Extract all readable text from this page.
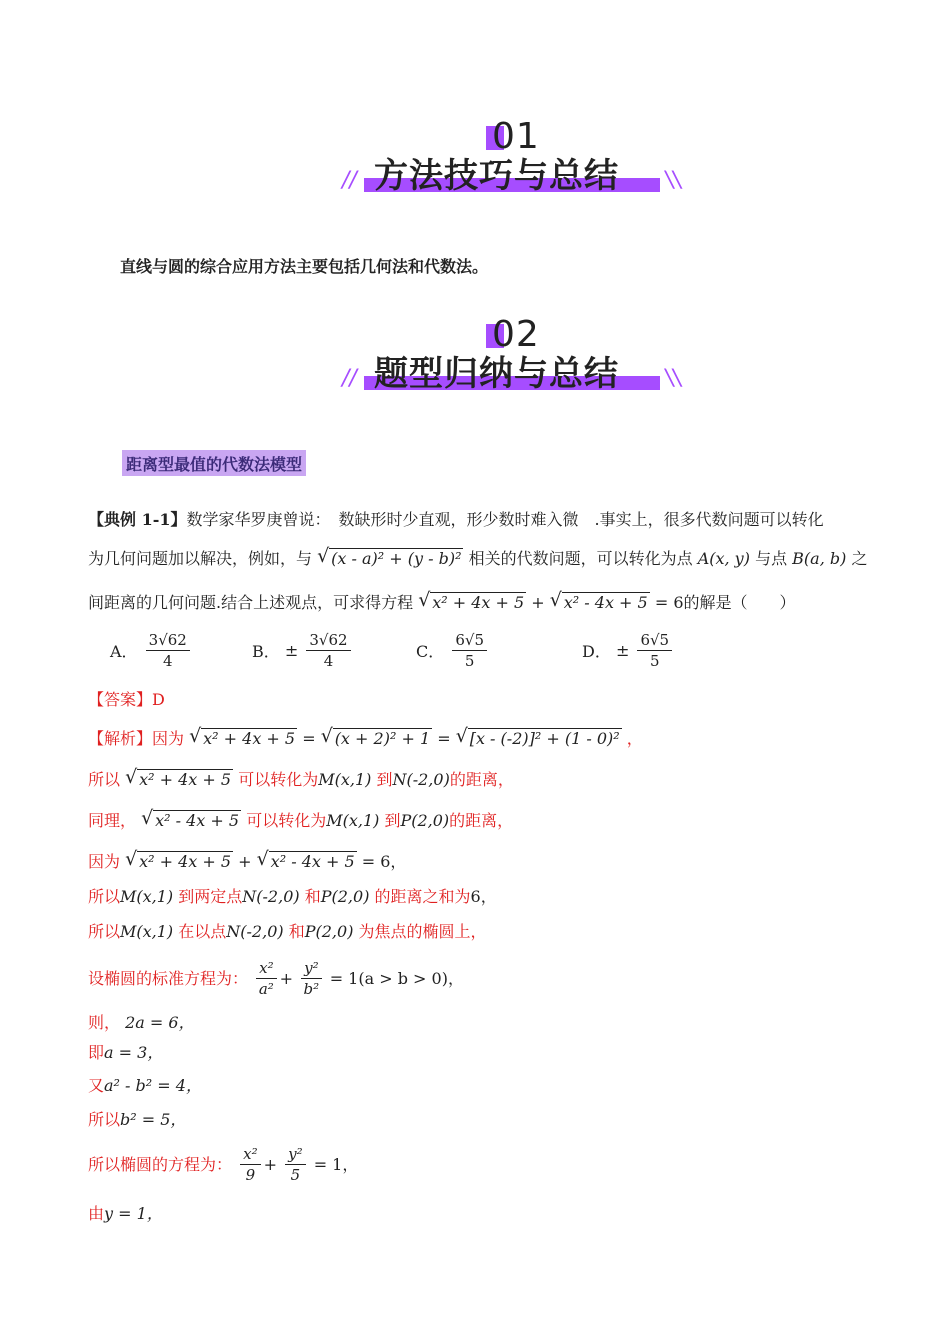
01
方法技巧与总结
//	//
直线与圆的综合应用方法主要包括几何法和代数法。
02
题型归纳与总结
//	//
距离型最值的代数法模型
【典例 1-1】数学家华罗庚曾说：　数缺形时少直观，形少数时难入微　.事实上，很多代数问题可以转化
为几何问题加以解决，例如，与 √ (x - a)² + (y - b)² 相关的代数问题，可以转化为点 A(x, y) 与点 B(a, b) 之
间距离的几何问题.结合上述观点，可求得方程 √ x² + 4x + 5 + √ x² - 4x + 5 = 6的解是（　　）
A． $\frac{3√62}{4}$	B． ± $\frac{3√62}{4}$	C． $\frac{6√5}{5}$	D． ± $\frac{6√5}{5}$
【答案】D
【解析】因为 √ x² + 4x + 5 = √ (x + 2)² + 1 = √ [x - (-2)]² + (1 - 0)² ，
所以 √ x² + 4x + 5 可以转化为M(x,1) 到N(-2,0)的距离，
同理， √ x² - 4x + 5 可以转化为M(x,1) 到P(2,0)的距离，
因为 √ x² + 4x + 5 + √ x² - 4x + 5 = 6，
所以M(x,1) 到两定点N(-2,0) 和P(2,0) 的距离之和为6，
所以M(x,1) 在以点N(-2,0) 和P(2,0) 为焦点的椭圆上，
设椭圆的标准方程为： $\frac{\text{x²}}{\text{a²}} + \frac{\text{y²}}{\text{b²}} = 1(a > b > 0)$，
则， 2a = 6，
即a = 3，
又a² - b² = 4，
所以b² = 5，
所以椭圆的方程为： $\frac{\text{x²}}{9} + \frac{\text{y²}}{5} = 1$，
由y = 1，
